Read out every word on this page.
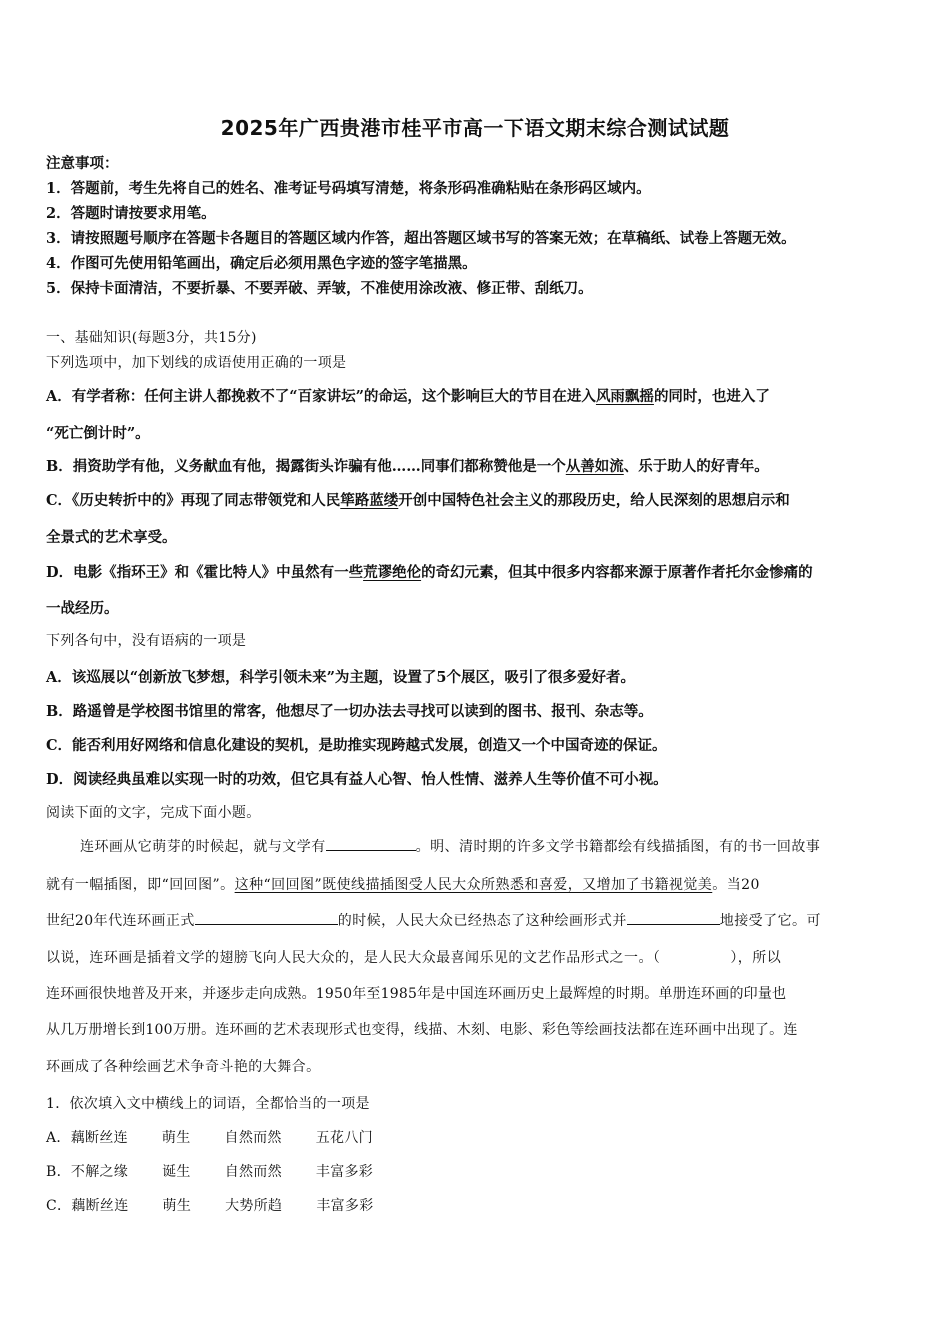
2025年广西贵港市桂平市高一下语文期末综合测试试题
注意事项：
1．答题前，考生先将自己的姓名、准考证号码填写清楚，将条形码准确粘贴在条形码区域内。
2．答题时请按要求用笔。
3．请按照题号顺序在答题卡各题目的答题区域内作答，超出答题区域书写的答案无效；在草稿纸、试卷上答题无效。
4．作图可先使用铅笔画出，确定后必须用黑色字迹的签字笔描黑。
5．保持卡面清洁，不要折暴、不要弄破、弄皱，不准使用涂改液、修正带、刮纸刀。
一、基础知识(每题3分，共15分)
下列选项中，加下划线的成语使用正确的一项是
A．有学者称：任何主讲人都挽救不了“百家讲坛”的命运，这个影响巨大的节目在进入风雨飘摇的同时，也进入了
“死亡倒计时”。
B．捐资助学有他，义务献血有他，揭露街头诈骗有他……同事们都称赞他是一个从善如流、乐于助人的好青年。
C．《历史转折中的》再现了同志带领党和人民筚路蓝缕开创中国特色社会主义的那段历史，给人民深刻的思想启示和
全景式的艺术享受。
D．电影《指环王》和《霍比特人》中虽然有一些荒谬绝伦的奇幻元素，但其中很多内容都来源于原著作者托尔金惨痛的
一战经历。
下列各句中，没有语病的一项是
A．该巡展以“创新放飞梦想，科学引领未来”为主题，设置了5个展区，吸引了很多爱好者。
B．路遥曾是学校图书馆里的常客，他想尽了一切办法去寻找可以读到的图书、报刊、杂志等。
C．能否利用好网络和信息化建设的契机，是助推实现跨越式发展，创造又一个中国奇迹的保证。
D．阅读经典虽难以实现一时的功效，但它具有益人心智、怡人性情、滋养人生等价值不可小视。
阅读下面的文字，完成下面小题。
连环画从它萌芽的时候起，就与文学有	。明、清时期的许多文学书籍都绘有线描插图，有的书一回故事
就有一幅插图，即“回回图”。这种“回回图”既使线描插图受人民大众所熟悉和喜爱，又增加了书籍视觉美。当20
世纪20年代连环画正式	的时候，人民大众已经热态了这种绘画形式并	地接受了它。可
以说，连环画是插着文学的翅膀飞向人民大众的，是人民大众最喜闻乐见的文艺作品形式之一。（	），所以
连环画很快地普及开来，并逐步走向成熟。1950年至1985年是中国连环画历史上最辉煌的时期。单册连环画的印量也
从几万册增长到100万册。连环画的艺术表现形式也变得，线描、木刻、电影、彩色等绘画技法都在连环画中出现了。连
环画成了各种绘画艺术争奇斗艳的大舞合。
1．依次填入文中横线上的词语，全都恰当的一项是
A．藕断丝连 萌生 自然而然 五花八门
B．不解之缘 诞生 自然而然 丰富多彩
C．藕断丝连 萌生 大势所趋 丰富多彩
